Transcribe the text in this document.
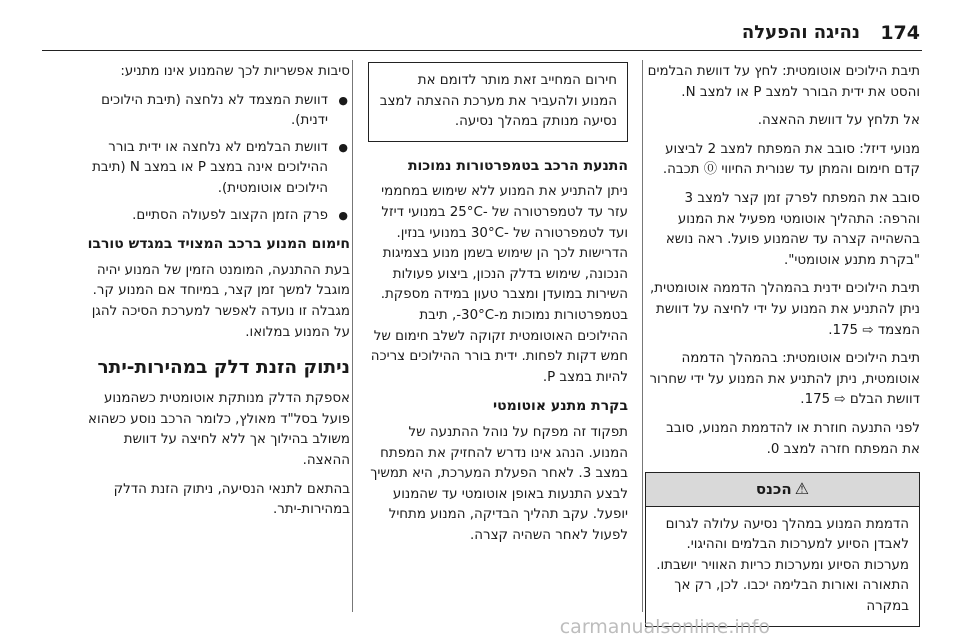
174
נהיגה והפעלה

תיבת הילוכים אוטומטית: לחץ על דוושת הבלמים והסט את ידית הבורר למצב P או למצב N.

אל תלחץ על דוושת ההאצה.

מנועי דיזל: סובב את המפתח למצב 2 לביצוע קדם חימום והמתן עד שנורית החיווי ⓪ תכבה.

סובב את המפתח לפרק זמן קצר למצב 3 והרפה: התהליך אוטומטי מפעיל את המנוע בהשהייה קצרה עד שהמנוע פועל. ראה נושא "בקרת מתנע אוטומטי".

תיבת הילוכים ידנית בהמהלך הדממה אוטומטית, ניתן להתניע את המנוע על ידי לחיצה על דוושת המצמד ⇨ 175.

תיבת הילוכים אוטומטית: בהמהלך הדממה אוטומטית, ניתן להתניע את המנוע על ידי שחרור דוושת הבלם ⇨ 175.

לפני התנעה חוזרת או להדממת המנוע, סובב את המפתח חזרה למצב 0.

⚠הכנס
הדממת המנוע במהלך נסיעה עלולה לגרום לאבדן הסיוע למערכות הבלמים וההיגוי. מערכות הסיוע ומערכות כריות האוויר יושבתו. התאורה ואורות הבלימה יכבו. לכן, רק אך במקרה
חירום המחייב זאת מותר לדומם את המנוע ולהעביר את מערכת ההצתה למצב נסיעה מנותק במהלך נסיעה.
התנעת הרכב בטמפרטורות נמוכות

ניתן להתניע את המנוע ללא שימוש במחממי עזר עד לטמפרטורה של -25°C במנועי דיזל ועד לטמפרטורה של -30°C במנועי בנזין. הדרישות לכך הן שימוש בשמן מנוע בצמיגות הנכונה, שימוש בדלק הנכון, ביצוע פעולות השירות במועדן ומצבר טעון במידה מספקת. בטמפרטורות נמוכות מ-30°C-, תיבת ההילוכים האוטומטית זקוקה לשלב חימום של חמש דקות לפחות. ידית בורר ההילוכים צריכה להיות במצב P.

בקרת מתנע אוטומטי

תפקוד זה מפקח על נוהל ההתנעה של המנוע. הנהג אינו נדרש להחזיק את המפתח במצב 3. לאחר הפעלת המערכת, היא תמשיך לבצע התנעות באופן אוטומטי עד שהמנוע יופעל. עקב תהליך הבדיקה, המנוע מתחיל לפעול לאחר השהיה קצרה.

סיבות אפשריות לכך שהמנוע אינו מתניע:

● דוושת המצמד לא נלחצה (תיבת הילוכים ידנית).
● דוושת הבלמים לא נלחצה או ידית בורר ההילוכים אינה במצב P או במצב N (תיבת הילוכים אוטומטית).
● פרק הזמן הקצוב לפעולה הסתיים.
חימום המנוע ברכב המצויד במגדש טורבו

בעת ההתנעה, המומנט הזמין של המנוע יהיה מוגבל למשך זמן קצר, במיוחד אם המנוע קר. מגבלה זו נועדה לאפשר למערכת הסיכה להגן על המנוע במלואו.

ניתוק הזנת דלק במהירות-יתר

אספקת הדלק מנותקת אוטומטית כשהמנוע פועל בסל"ד מאולץ, כלומר הרכב נוסע כשהוא משולב בהילוך אך ללא לחיצה על דוושת ההאצה.

בהתאם לתנאי הנסיעה, ניתוק הזנת הדלק במהירות-יתר.

carmanualsonline.info
